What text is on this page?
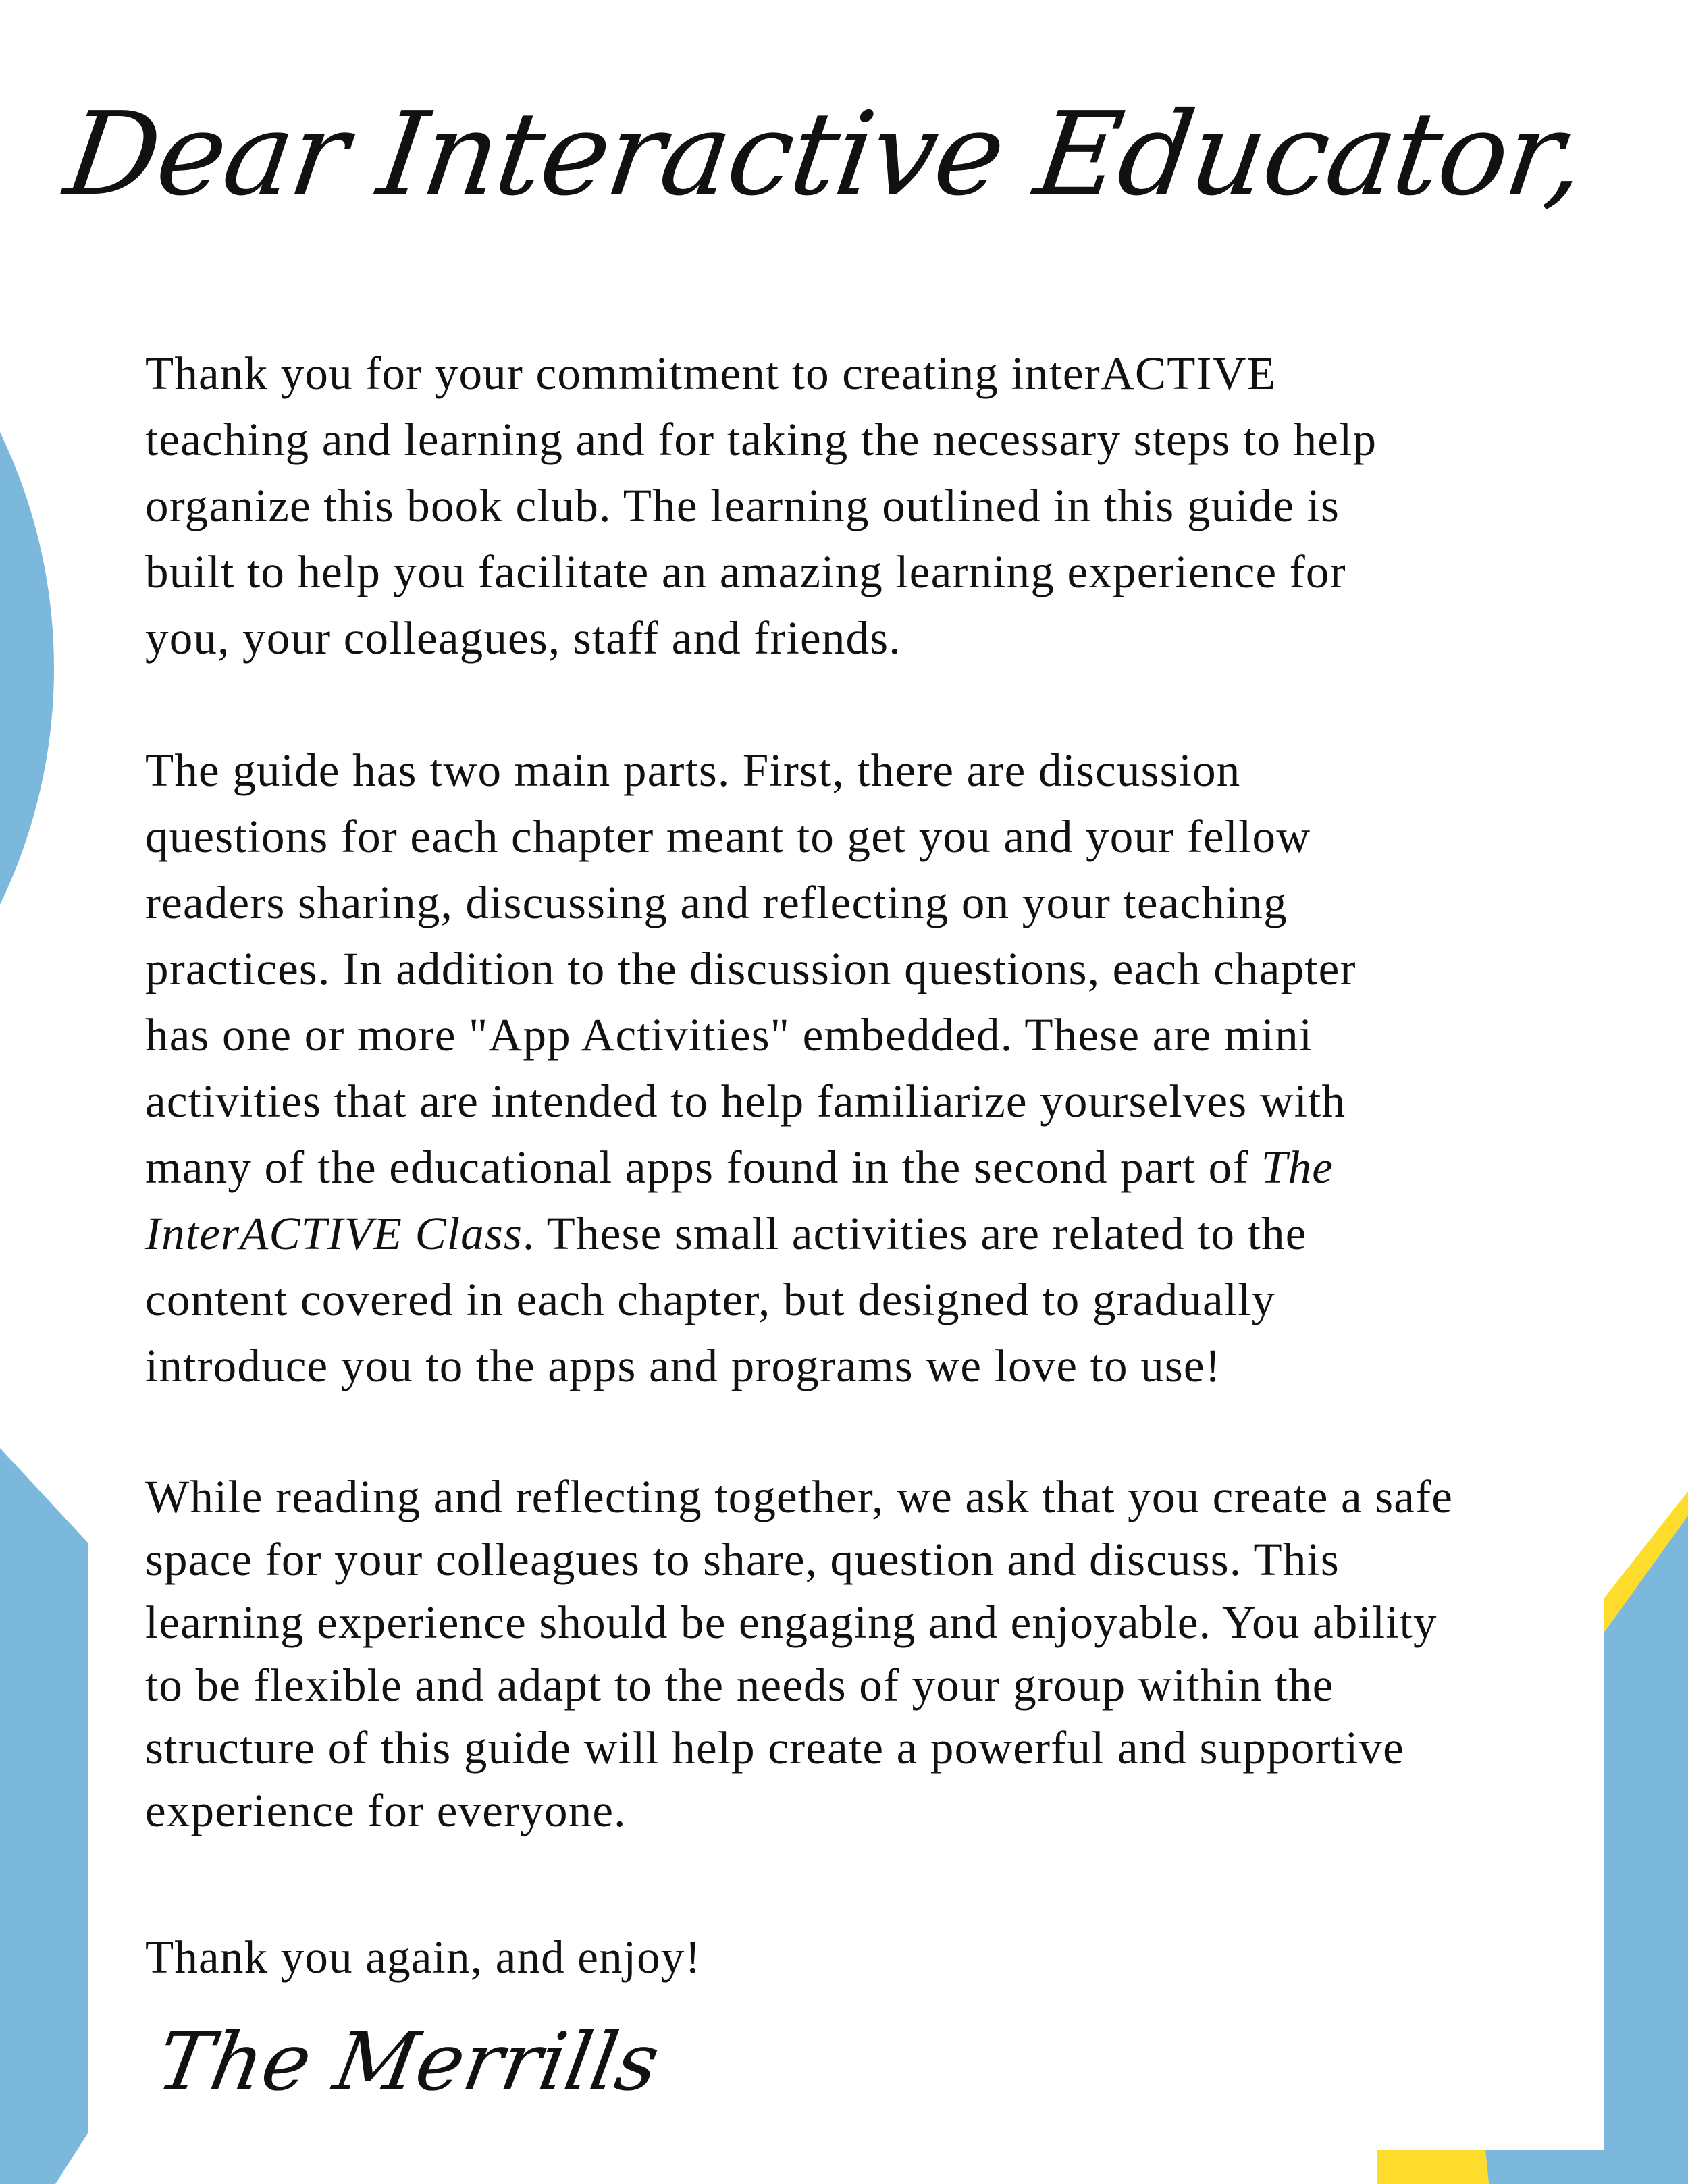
Dear Interactive Educator,
Thank you for your commitment to creating interACTIVE
teaching and learning and for taking the necessary steps to help
organize this book club. The learning outlined in this guide is
built to help you facilitate an amazing learning experience for
you, your colleagues, staff and friends.
The guide has two main parts. First, there are discussion
questions for each chapter meant to get you and your fellow
readers sharing, discussing and reflecting on your teaching
practices. In addition to the discussion questions, each chapter
has one or more "App Activities" embedded. These are mini
activities that are intended to help familiarize yourselves with
many of the educational apps found in the second part of The
InterACTIVE Class. These small activities are related to the
content covered in each chapter, but designed to gradually
introduce you to the apps and programs we love to use!
While reading and reflecting together, we ask that you create a safe
space for your colleagues to share, question and discuss. This
learning experience should be engaging and enjoyable. You ability
to be flexible and adapt to the needs of your group within the
structure of this guide will help create a powerful and supportive
experience for everyone.
Thank you again, and enjoy!
The Merrills
